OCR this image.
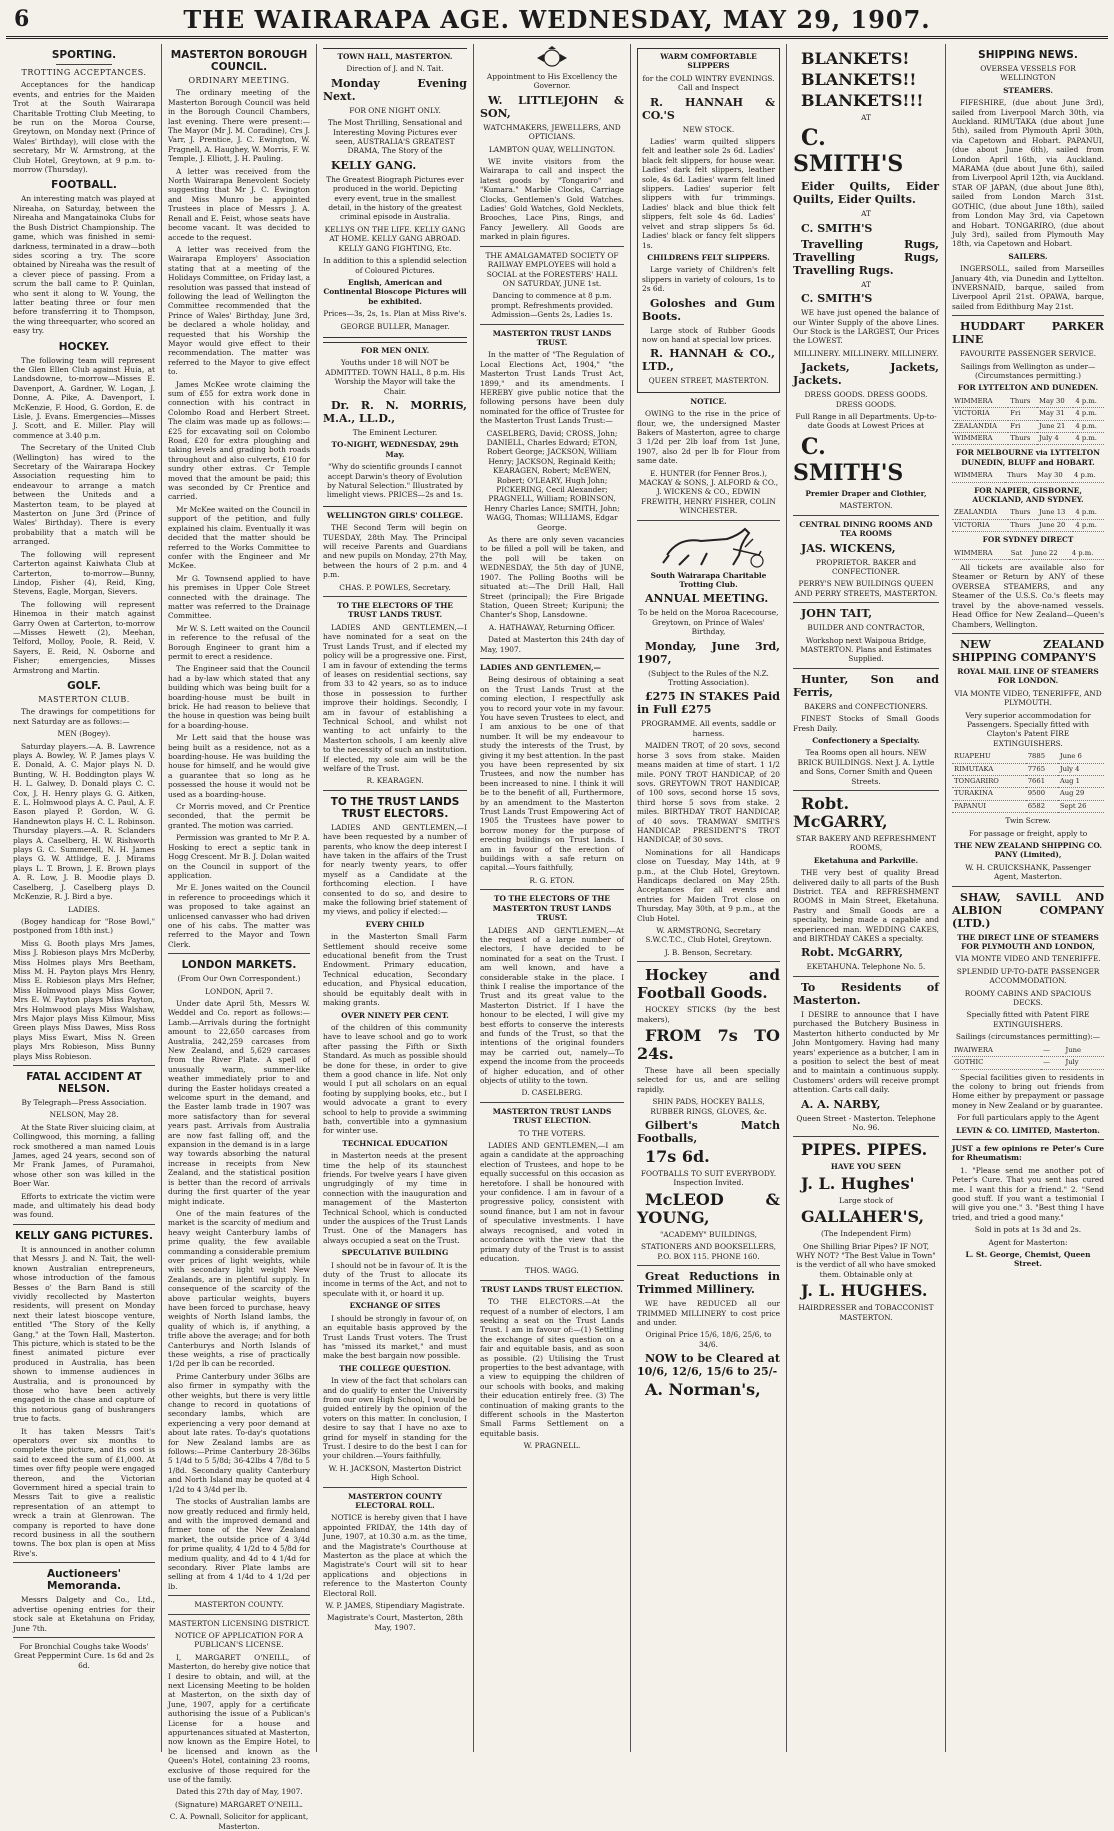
6	THE WAIRARAPA AGE. WEDNESDAY, MAY 29, 1907.
SPORTING.
TROTTING ACCEPTANCES.

Acceptances for the handicap events, and entries for the Maiden Trot at the South Wairarapa Charitable Trotting Club Meeting, to be run on the Moroa Course, Greytown, on Monday next (Prince of Wales' Birthday), will close with the secretary, Mr W. Armstrong, at the Club Hotel, Greytown, at 9 p.m. to-morrow (Thursday).

FOOTBALL.

An interesting match was played at Nireaha, on Saturday, between the Nireaha and Mangatainoka Clubs for the Bush District Championship. The game, which was finished in semi-darkness, terminated in a draw—both sides scoring a try. The score obtained by Nireaha was the result of a clever piece of passing. From a scrum the ball came to P. Quinlan, who sent it along to W. Young, the latter beating three or four men before transferring it to Thompson, the wing threequarter, who scored an easy try.

HOCKEY.

The following team will represent the Glen Ellen Club against Huia, at Landsdowne, to-morrow—Misses E. Davenport, A. Gardner, W. Logan, J. Donne, A. Pike, A. Davenport, I. McKenzie, F. Hood, G. Gordon, E. de Lisle, J. Evans. Emergencies—Misses J. Scott, and E. Miller. Play will commence at 3.40 p.m.

The Secretary of the United Club (Wellington) has wired to the Secretary of the Wairarapa Hockey Association requesting him to endeavour to arrange a match between the Uniteds and a Masterton team, to be played at Masterton on June 3rd (Prince of Wales' Birthday). There is every probability that a match will be arranged.

The following will represent Carterton against Kaiwhata Club at Carterton, to-morrow—Bunny, Lindop, Fisher (4), Reid, King, Stevens, Eagle, Morgan, Sievers.

The following will represent Hinemoa in their match against Garry Owen at Carterton, to-morrow—Misses Hewett (2), Meehan, Telford, Molloy, Poole, R. Reid, V. Sayers, E. Reid, N. Osborne and Fisher; emergencies, Misses Armstrong and Martin.

GOLF.
MASTERTON CLUB.

The drawings for competitions for next Saturday are as follows:—

MEN (Bogey).

Saturday players.—A. B. Lawrence plays A. Bowley, W. P. James plays V. E. Donald, A. C. Major plays N. D. Bunting, W. H. Boddington plays W. H. L. Galwey, D. Donald plays C. C. Cox, J. H. Henry plays G. G. Aitken, E. L. Holmwood plays A. C. Paul, A. F. Eason played P. Gordon, W. G. Handnewton plays H. C. L. Robinson. Thursday players.—A. R. Sclanders plays A. Caselberg, H. W. Rishworth plays G. C. Summerell, N. H. James plays G. W. Attlidge, E. J. Mirams plays L. T. Brown, J. E. Brown plays A. R. Low, J. B. Moodie plays D. Caselberg, J. Caselberg plays D. McKenzie, R. J. Bird a bye.

LADIES.

(Bogey handicap for "Rose Bowl," postponed from 18th inst.)

Miss G. Booth plays Mrs James, Miss J. Robieson plays Mrs McDerby, Miss Holmes plays Mrs Beetham, Miss M. H. Payton plays Mrs Henry, Miss E. Robieson plays Mrs Hefner, Miss Holmwood plays Miss Gower, Mrs E. W. Payton plays Miss Payton, Mrs Holmwood plays Miss Walshaw, Mrs Major plays Miss Kilmour, Miss Green plays Miss Dawes, Miss Ross plays Miss Ewart, Miss N. Green plays Mrs Robieson, Miss Bunny plays Miss Robieson.

FATAL ACCIDENT AT NELSON.

By Telegraph—Press Association.

NELSON, May 28.

At the State River sluicing claim, at Collingwood, this morning, a falling rock smothered a man named Louis James, aged 24 years, second son of Mr Frank James, of Puramahoi, whose other son was killed in the Boer War.

Efforts to extricate the victim were made, and ultimately his dead body was found.

KELLY GANG PICTURES.

It is announced in another column that Messrs J. and N. Tait, the well-known Australian entrepreneurs, whose introduction of the famous Besses o' the Barn Band is still vividly recollected by Masterton residents, will present on Monday next their latest bioscope venture, entitled "The Story of the Kelly Gang," at the Town Hall, Masterton. This picture, which is stated to be the finest animated picture ever produced in Australia, has been shown to immense audiences in Australia, and is pronounced by those who have been actively engaged in the chase and capture of this notorious gang of bushrangers true to facts.

It has taken Messrs Tait's operators over six months to complete the picture, and its cost is said to exceed the sum of £1,000. At times over fifty people were engaged thereon, and the Victorian Government hired a special train to Messrs Tait to give a realistic representation of an attempt to wreck a train at Glenrowan. The company is reported to have done record business in all the southern towns. The box plan is open at Miss Rive's.

Auctioneers' Memoranda.

Messrs Dalgety and Co., Ltd., advertise opening entries for their stock sale at Eketahuna on Friday, June 7th.

For Bronchial Coughs take Woods' Great Peppermint Cure. 1s 6d and 2s 6d.

MASTERTON BOROUGH COUNCIL.
ORDINARY MEETING.

The ordinary meeting of the Masterton Borough Council was held in the Borough Council Chambers, last evening. There were present:—The Mayor (Mr J. M. Coradine), Crs J. Varr, J. Prentice, J. C. Ewington, W. Pragnell, A. Haughey, W. Morris, F. W. Temple, J. Elliott, J. H. Pauling.

A letter was received from the North Wairarapa Benevolent Society suggesting that Mr J. C. Ewington and Miss Munro be appointed Trustees in place of Messrs J. A. Renall and E. Feist, whose seats have become vacant. It was decided to accede to the request.

A letter was received from the Wairarapa Employers' Association stating that at a meeting of the Holidays Committee, on Friday last, a resolution was passed that instead of following the lead of Wellington the Committee recommended that the Prince of Wales' Birthday, June 3rd, be declared a whole holiday, and requested that his Worship the Mayor would give effect to their recommendation. The matter was referred to the Mayor to give effect to.

James McKee wrote claiming the sum of £55 for extra work done in connection with his contract in Colombo Road and Herbert Street. The claim was made up as follows:—£25 for excavating soil on Colombo Road, £20 for extra ploughing and taking levels and grading both roads throughout and also culverts, £10 for sundry other extras. Cr Temple moved that the amount be paid; this was seconded by Cr Prentice and carried.

Mr McKee waited on the Council in support of the petition, and fully explained his claim. Eventually it was decided that the matter should be referred to the Works Committee to confer with the Engineer and Mr McKee.

Mr G. Townsend applied to have his premises in Upper Cole Street connected with the drainage. The matter was referred to the Drainage Committee.

Mr W. S. Lett waited on the Council in reference to the refusal of the Borough Engineer to grant him a permit to erect a residence.

The Engineer said that the Council had a by-law which stated that any building which was being built for a boarding-house must be built in brick. He had reason to believe that the house in question was being built for a boarding-house.

Mr Lett said that the house was being built as a residence, not as a boarding-house. He was building the house for himself, and he would give a guarantee that so long as he possessed the house it would not be used as a boarding-house.

Cr Morris moved, and Cr Prentice seconded, that the permit be granted. The motion was carried.

Permission was granted to Mr P. A. Hosking to erect a septic tank in Hogg Crescent. Mr B. J. Dolan waited on the Council in support of the application.

Mr E. Jones waited on the Council in reference to proceedings which it was proposed to take against an unlicensed canvasser who had driven one of his cabs. The matter was referred to the Mayor and Town Clerk.

LONDON MARKETS.

(From Our Own Correspondent.)

LONDON, April 7.

Under date April 5th, Messrs W. Weddel and Co. report as follows:—Lamb.—Arrivals during the fortnight amount to 22,650 carcases from Australia, 242,259 carcases from New Zealand, and 5,629 carcases from the River Plate. A spell of unusually warm, summer-like weather immediately prior to and during the Easter holidays created a welcome spurt in the demand, and the Easter lamb trade in 1907 was more satisfactory than for several years past. Arrivals from Australia are now fast falling off, and the expansion in the demand is in a large way towards absorbing the natural increase in receipts from New Zealand, and the statistical position is better than the record of arrivals during the first quarter of the year might indicate.

One of the main features of the market is the scarcity of medium and heavy weight Canterbury lambs of prime quality, the few available commanding a considerable premium over prices of light weights, while with secondary light weight New Zealands, are in plentiful supply. In consequence of the scarcity of the above particular weights, buyers have been forced to purchase, heavy weights of North Island lambs, the quality of which is, if anything, a trifle above the average; and for both Canterburys and North Islands of these weights, a rise of practically 1/2d per lb can be recorded.

Prime Canterbury under 36lbs are also firmer in sympathy with the other weights, but there is very little change to record in quotations of secondary lambs, which are experiencing a very poor demand at about late rates. To-day's quotations for New Zealand lambs are as follows:—Prime Canterbury 28-36lbs 5 1/4d to 5 5/8d; 36-42lbs 4 7/8d to 5 1/8d. Secondary quality Canterbury and North Island may be quoted at 4 1/2d to 4 3/4d per lb.

The stocks of Australian lambs are now greatly reduced and firmly held, and with the improved demand and firmer tone of the New Zealand market, the outside price of 4 3/4d for prime quality, 4 1/2d to 4 5/8d for medium quality, and 4d to 4 1/4d for secondary. River Plate lambs are selling at from 4 1/4d to 4 1/2d per lb.

MASTERTON COUNTY.

MASTERTON LICENSING DISTRICT.

NOTICE OF APPLICATION FOR A PUBLICAN'S LICENSE.

I, MARGARET O'NEILL, of Masterton, do hereby give notice that I desire to obtain, and will, at the next Licensing Meeting to be holden at Masterton, on the sixth day of June, 1907, apply for a certificate authorising the issue of a Publican's License for a house and appurtenances situated at Masterton, now known as the Empire Hotel, to be licensed and known as the Queen's Hotel, containing 23 rooms, exclusive of those required for the use of the family.

Dated this 27th day of May, 1907.

(Signature) MARGARET O'NEILL.

C. A. Pownall, Solicitor for applicant, Masterton.

TOWN HALL, MASTERTON.

Direction of J. and N. Tait.

Monday Evening Next.

FOR ONE NIGHT ONLY.

The Most Thrilling, Sensational and Interesting Moving Pictures ever seen, AUSTRALIA'S GREATEST DRAMA, The Story of the

KELLY GANG.

The Greatest Biograph Pictures ever produced in the world. Depicting every event, true in the smallest detail, in the history of the greatest criminal episode in Australia.

KELLYS ON THE LIFE. KELLY GANG AT HOME. KELLY GANG ABROAD. KELLY GANG FIGHTING, Etc.

In addition to this a splendid selection of Coloured Pictures.

English, American and Continental Bioscope Pictures will be exhibited.

Prices—3s, 2s, 1s. Plan at Miss Rive's.

GEORGE BULLER, Manager.

FOR MEN ONLY.

Youths under 18 will NOT be ADMITTED. TOWN HALL, 8 p.m. His Worship the Mayor will take the Chair.

Dr. R. N. MORRIS, M.A., LL.D.,

The Eminent Lecturer.

TO-NIGHT, WEDNESDAY, 29th May.

"Why do scientific grounds I cannot accept Darwin's theory of Evolution by Natural Selection." Illustrated by limelight views. PRICES—2s and 1s.

WELLINGTON GIRLS' COLLEGE.

THE Second Term will begin on TUESDAY, 28th May. The Principal will receive Parents and Guardians and new pupils on Monday, 27th May, between the hours of 2 p.m. and 4 p.m.

CHAS. P. POWLES, Secretary.

TO THE ELECTORS OF THE TRUST LANDS TRUST.

LADIES AND GENTLEMEN,—I have nominated for a seat on the Trust Lands Trust, and if elected my policy will be a progressive one. First, I am in favour of extending the terms of leases on residential sections, say from 33 to 42 years, so as to induce those in possession to further improve their holdings. Secondly, I am in favour of establishing a Technical School, and whilst not wanting to act unfairly to the Masterton schools, I am keenly alive to the necessity of such an institution. If elected, my sole aim will be the welfare of the Trust.

R. KEARAGEN.

TO THE TRUST LANDS TRUST ELECTORS.

LADIES AND GENTLEMEN,—I have been requested by a number of parents, who know the deep interest I have taken in the affairs of the Trust for nearly twenty years, to offer myself as a Candidate at the forthcoming election. I have consented to do so, and desire to make the following brief statement of my views, and policy if elected:—

EVERY CHILD

in the Masterton Small Farm Settlement should receive some educational benefit from the Trust Endowment. Primary education, Technical education, Secondary education, and Physical education, should be equitably dealt with in making grants.

OVER NINETY PER CENT.

of the children of this community have to leave school and go to work after passing the Fifth or Sixth Standard. As much as possible should be done for these, in order to give them a good chance in life. Not only would I put all scholars on an equal footing by supplying books, etc., but I would advocate a grant to every school to help to provide a swimming bath, convertible into a gymnasium for winter use.

TECHNICAL EDUCATION

in Masterton needs at the present time the help of its staunchest friends. For twelve years I have given ungrudgingly of my time in connection with the inauguration and management of the Masterton Technical School, which is conducted under the auspices of the Trust Lands Trust. One of the Managers has always occupied a seat on the Trust.

SPECULATIVE BUILDING

I should not be in favour of. It is the duty of the Trust to allocate its income in terms of the Act, and not to speculate with it, or hoard it up.

EXCHANGE OF SITES

I should be strongly in favour of, on an equitable basis approved by the Trust Lands Trust voters. The Trust has "missed its market," and must make the best bargain now possible.

THE COLLEGE QUESTION.

In view of the fact that scholars can and do qualify to enter the University from our own High School, I would be guided entirely by the opinion of the voters on this matter. In conclusion, I desire to say that I have no axe to grind for myself in standing for the Trust. I desire to do the best I can for your children.—Yours faithfully,

W. H. JACKSON, Masterton District High School.

MASTERTON COUNTY ELECTORAL ROLL.

NOTICE is hereby given that I have appointed FRIDAY, the 14th day of June, 1907, at 10.30 a.m. as the time, and the Magistrate's Courthouse at Masterton as the place at which the Magistrate's Court will sit to hear applications and objections in reference to the Masterton County Electoral Roll.

W. P. JAMES, Stipendiary Magistrate.

Magistrate's Court, Masterton, 28th May, 1907.

Appointment to His Excellency the Governor.

W. LITTLEJOHN & SON,

WATCHMAKERS, JEWELLERS, AND OPTICIANS.

LAMBTON QUAY, WELLINGTON.

WE invite visitors from the Wairarapa to call and inspect the latest goods by "Tongariro" and "Kumara." Marble Clocks, Carriage Clocks, Gentlemen's Gold Watches. Ladies' Gold Watches, Gold Necklets, Brooches, Lace Pins, Rings, and Fancy Jewellery. All Goods are marked in plain figures.

THE AMALGAMATED SOCIETY OF RAILWAY EMPLOYEES will hold a SOCIAL at the FORESTERS' HALL ON SATURDAY, JUNE 1st.

Dancing to commence at 8 p.m. prompt. Refreshments provided. Admission—Gents 2s, Ladies 1s.

MASTERTON TRUST LANDS TRUST.

In the matter of "The Regulation of Local Elections Act, 1904," "the Masterton Trust Lands Trust Act, 1899," and its amendments. I HEREBY give public notice that the following persons have been duly nominated for the office of Trustee for the Masterton Trust Lands Trust:—

CASELBERG, David; CROSS, John; DANIELL, Charles Edward; ETON, Robert George; JACKSON, William Henry; JACKSON, Reginald Keith; KEARAGEN, Robert; McEWEN, Robert; O'LEARY, Hugh John; PICKERING, Cecil Alexander; PRAGNELL, William; ROBINSON, Henry Charles Lance; SMITH, John; WAGG, Thomas; WILLIAMS, Edgar George.

As there are only seven vacancies to be filled a poll will be taken, and the poll will be taken on WEDNESDAY, the 5th day of JUNE, 1907. The Polling Booths will be situated at:—The Drill Hall, Hall Street (principal); the Fire Brigade Station, Queen Street; Kuripuni; the Chanter's Shop, Lansdowne.

A. HATHAWAY, Returning Officer.

Dated at Masterton this 24th day of May, 1907.

LADIES AND GENTLEMEN,—

Being desirous of obtaining a seat on the Trust Lands Trust at the coming election, I respectfully ask you to record your vote in my favour. You have seven Trustees to elect, and I am anxious to be one of that number. It will be my endeavour to study the interests of the Trust, by giving it my best attention. In the past you have been represented by six Trustees, and now the number has been increased to nine. I think it will be to the benefit of all, Furthermore, by an amendment to the Masterton Trust Lands Trust Empowering Act of 1905 the Trustees have power to borrow money for the purpose of erecting buildings on Trust lands. I am in favour of the erection of buildings with a safe return on capital.—Yours faithfully,

R. G. ETON.

TO THE ELECTORS OF THE MASTERTON TRUST LANDS TRUST.

LADIES AND GENTLEMEN,—At the request of a large number of electors, I have decided to be nominated for a seat on the Trust. I am well known, and have a considerable stake in the place. I think I realise the importance of the Trust and its great value to the Masterton District. If I have the honour to be elected, I will give my best efforts to conserve the interests and funds of the Trust, so that the intentions of the original founders may be carried out, namely—To expend the income from the proceeds of higher education, and of other objects of utility to the town.

D. CASELBERG.

MASTERTON TRUST LANDS TRUST ELECTION.

TO THE VOTERS.

LADIES AND GENTLEMEN,—I am again a candidate at the approaching election of Trustees, and hope to be equally successful on this occasion as heretofore. I shall be honoured with your confidence. I am in favour of a progressive policy, consistent with sound finance, but I am not in favour of speculative investments. I have always recognised, and voted in accordance with the view that the primary duty of the Trust is to assist education.

THOS. WAGG.

TRUST LANDS TRUST ELECTION.

TO THE ELECTORS.—At the request of a number of electors, I am seeking a seat on the Trust Lands Trust. I am in favour of:—(1) Settling the exchange of sites question on a fair and equitable basis, and as soon as possible. (2) Utilising the Trust properties to the best advantage, with a view to equipping the children of our schools with books, and making their education entirely free. (3) The continuation of making grants to the different schools in the Masterton Small Farms Settlement on a equitable basis.

W. PRAGNELL.

WARM COMFORTABLE SLIPPERS

for the COLD WINTRY EVENINGS. Call and Inspect

R. HANNAH & CO.'S

NEW STOCK.

Ladies' warm quilted slippers felt and leather sole 2s 6d. Ladies' black felt slippers, for house wear. Ladies' dark felt slippers, leather sole, 4s 6d. Ladies' warm felt lined slippers. Ladies' superior felt slippers with fur trimmings. Ladies' black and blue thick felt slippers, felt sole 4s 6d. Ladies' velvet and strap slippers 5s 6d. Ladies' black or fancy felt slippers 1s.

CHILDRENS FELT SLIPPERS.

Large variety of Children's felt slippers in variety of colours, 1s to 2s 6d.

Goloshes and Gum Boots.

Large stock of Rubber Goods now on hand at special low prices.

R. HANNAH & CO., LTD.,

QUEEN STREET, MASTERTON.

NOTICE.

OWING to the rise in the price of flour, we, the undersigned Master Bakers of Masterton, agree to charge 3 1/2d per 2lb loaf from 1st June, 1907, also 2d per lb for Flour from same date.

E. HUNTER (for Fenner Bros.), MACKAY & SONS, J. ALFORD & CO., J. WICKENS & CO., EDWIN FREWITH, HENRY FISHER, COLIN WINCHESTER.

South Wairarapa Charitable Trotting Club.

ANNUAL MEETING.

To be held on the Moroa Racecourse, Greytown, on Prince of Wales' Birthday,

Monday, June 3rd, 1907,

(Subject to the Rules of the N.Z. Trotting Association).

£275 IN STAKES Paid in Full £275

PROGRAMME. All events, saddle or harness.

MAIDEN TROT, of 20 sovs, second horse 3 sovs from stake. Maiden means maiden at time of start. 1 1/2 mile. PONY TROT HANDICAP, of 20 sovs. GREYTOWN TROT HANDICAP, of 100 sovs, second horse 15 sovs, third horse 5 sovs from stake. 2 miles. BIRTHDAY TROT HANDICAP, of 40 sovs. TRAMWAY SMITH'S HANDICAP. PRESIDENT'S TROT HANDICAP, of 30 sovs.

Nominations for all Handicaps close on Tuesday, May 14th, at 9 p.m., at the Club Hotel, Greytown. Handicaps declared on May 25th. Acceptances for all events and entries for Maiden Trot close on Thursday, May 30th, at 9 p.m., at the Club Hotel.

W. ARMSTRONG, Secretary S.W.C.T.C., Club Hotel, Greytown.

J. B. Benson, Secretary.

Hockey and Football Goods.

HOCKEY STICKS (by the best makers),

FROM 7s TO 24s.

These have all been specially selected for us, and are selling rapidly.

SHIN PADS, HOCKEY BALLS, RUBBER RINGS, GLOVES, &c.

Gilbert's Match Footballs,

17s 6d.

FOOTBALLS TO SUIT EVERYBODY. Inspection Invited.

McLEOD & YOUNG,

"ACADEMY" BUILDINGS,

STATIONERS AND BOOKSELLERS, P.O. BOX 115. PHONE 160.

Great Reductions in Trimmed Millinery.

WE have REDUCED all our TRIMMED MILLINERY to cost price and under.

Original Price 15/6, 18/6, 25/6, to 34/6.

NOW to be Cleared at 10/6, 12/6, 15/6 to 25/-

A. Norman's,

BLANKETS!

BLANKETS!!

BLANKETS!!!

AT

C. SMITH'S

Eider Quilts, Eider Quilts, Eider Quilts.

AT

C. SMITH'S

Travelling Rugs, Travelling Rugs, Travelling Rugs.

AT

C. SMITH'S

WE have just opened the balance of our Winter Supply of the above Lines. Our Stock is the LARGEST, Our Prices the LOWEST.

MILLINERY. MILLINERY. MILLINERY.

Jackets, Jackets, Jackets.

DRESS GOODS. DRESS GOODS. DRESS GOODS.

Full Range in all Departments. Up-to-date Goods at Lowest Prices at

C. SMITH'S

Premier Draper and Clothier,

MASTERTON.

CENTRAL DINING ROOMS AND TEA ROOMS

JAS. WICKENS,

PROPRIETOR. BAKER and CONFECTIONER.

PERRY'S NEW BUILDINGS QUEEN AND PERRY STREETS, MASTERTON.

JOHN TAIT,

BUILDER AND CONTRACTOR,

Workshop next Waipoua Bridge, MASTERTON. Plans and Estimates Supplied.

Hunter, Son and Ferris,

BAKERS and CONFECTIONERS.

FINEST Stocks of Small Goods Fresh Daily.

Confectionery a Specialty.

Tea Rooms open all hours. NEW BRICK BUILDINGS. Next J. A. Lyttle and Sons, Corner Smith and Queen Streets.

Robt. McGARRY,

STAR BAKERY AND REFRESHMENT ROOMS,

Eketahuna and Parkville.

THE very best of quality Bread delivered daily to all parts of the Bush District. TEA and REFRESHMENT ROOMS in Main Street, Eketahuna. Pastry and Small Goods are a specialty, being made a capable and experienced man. WEDDING CAKES, and BIRTHDAY CAKES a specialty.

Robt. McGARRY,

EKETAHUNA. Telephone No. 5.

To Residents of Masterton.

I DESIRE to announce that I have purchased the Butchery Business in Masterton hitherto conducted by Mr John Montgomery. Having had many years' experience as a butcher, I am in a position to select the best of meat and to maintain a continuous supply. Customers' orders will receive prompt attention. Carts call daily.

A. A. NARBY,

Queen Street - Masterton. Telephone No. 96.

PIPES. PIPES.

HAVE YOU SEEN

J. L. Hughes'

Large stock of

GALLAHER'S,

(The Independent Firm)

One Shilling Briar Pipes? IF NOT, WHY NOT? "The Best Value in Town" is the verdict of all who have smoked them. Obtainable only at

J. L. HUGHES.

HAIRDRESSER and TOBACCONIST MASTERTON.

SHIPPING NEWS.

OVERSEA VESSELS FOR WELLINGTON

STEAMERS.

FIFESHIRE, (due about June 3rd), sailed from Liverpool March 30th, via Auckland. RIMUTAKA (due about June 5th), sailed from Plymouth April 30th, via Capetown and Hobart. PAPANUI, (due about June 6th), sailed from London April 16th, via Auckland. MARAMA (due about June 6th), sailed from Liverpool April 12th, via Auckland. STAR OF JAPAN, (due about June 8th), sailed from London March 31st. GOTHIC, (due about June 18th), sailed from London May 3rd, via Capetown and Hobart. TONGARIRO, (due about July 3rd), sailed from Plymouth May 18th, via Capetown and Hobart.

SAILERS.

INGERSOLL, sailed from Marseilles January 4th, via Dunedin and Lyttelton. INVERSNAID, barque, sailed from Liverpool April 21st. OPAWA, barque, sailed from Edithburg May 21st.

HUDDART PARKER LINE

FAVOURITE PASSENGER SERVICE.

Sailings from Wellington as under—(Circumstances permitting.)

FOR LYTTELTON AND DUNEDEN.

WIMMERA	Thurs	May 30	4 p.m.
VICTORIA	Fri	May 31	4 p.m.
ZEALANDIA	Fri	June 21	4 p.m.
WIMMERA	Thurs	July 4	4 p.m.

FOR MELBOURNE via LYTTELTON DUNEDIN, BLUFF and HOBART.

WIMMERA	Thurs	May 30	4 p.m.

FOR NAPIER, GISBORNE, AUCKLAND, AND SYDNEY.

ZEALANDIA	Thurs	June 13	4 p.m.
VICTORIA	Thurs	June 20	4 p.m.

FOR SYDNEY DIRECT

WIMMERA	Sat	June 22	4 p.m.

All tickets are available also for Steamer or Return by ANY of these OVERSEA STEAMERS, and any Steamer of the U.S.S. Co.'s fleets may travel by the above-named vessels. Head Office for New Zealand—Queen's Chambers, Wellington.

NEW ZEALAND SHIPPING COMPANY'S

ROYAL MAIL LINE OF STEAMERS FOR LONDON.

VIA MONTE VIDEO, TENERIFFE, AND PLYMOUTH.

Very superior accommodation for Passengers. Specially fitted with Clayton's Patent FIRE EXTINGUISHERS.

RUAPEHU	7885	June 6
RIMUTAKA	7765	July 4
TONGARIRO	7661	Aug 1
TURAKINA	9500	Aug 29
PAPANUI	6582	Sept 26

Twin Screw.

For passage or freight, apply to

THE NEW ZEALAND SHIPPING CO. PANY (Limited),

W. H. CRUICKSHANK, Passenger Agent, Masterton.

SHAW, SAVILL AND ALBION COMPANY (LTD.)

THE DIRECT LINE OF STEAMERS FOR PLYMOUTH AND LONDON,

VIA MONTE VIDEO AND TENERIFFE.

SPLENDID UP-TO-DATE PASSENGER ACCOMMODATION.

ROOMY CABINS AND SPACIOUS DECKS.

Specially fitted with Patent FIRE EXTINGUISHERS.

Sailings (circumstances permitting):—

IWAIWERA	—	June
GOTHIC	—	July

Special facilities given to residents in the colony to bring out friends from Home either by prepayment or passage money in New Zealand or by guarantee.

For full particulars apply to the Agent

LEVIN & CO. LIMITED, Masterton.

JUST a few opinions re Peter's Cure for Rheumatism:

1. "Please send me another pot of Peter's Cure. That you sent has cured me. I want this for a friend." 2. "Send good stuff. If you want a testimonial I will give you one." 3. "Best thing I have tried, and tried a good many."

Sold in pots at 1s 3d and 2s.

Agent for Masterton:

L. St. George, Chemist, Queen Street.
